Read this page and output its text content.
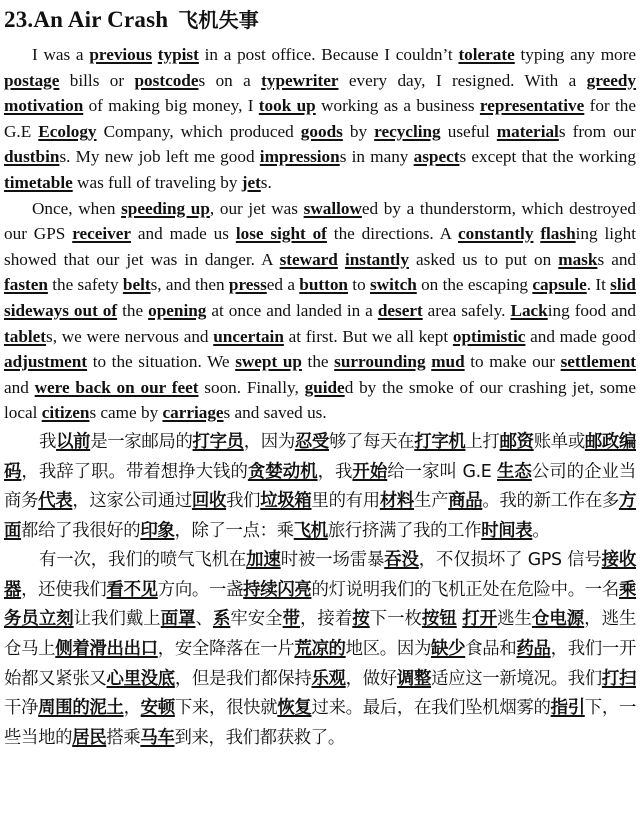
23.An Air Crash 飞机失事

I was a previous typist in a post office. Because I couldn’t tolerate typing any more postage bills or postcodes on a typewriter every day, I resigned. With a greedy motivation of making big money, I took up working as a business representative for the G.E Ecology Company, which produced goods by recycling useful materials from our dustbins. My new job left me good impressions in many aspects except that the working timetable was full of traveling by jets.

Once, when speeding up, our jet was swallowed by a thunderstorm, which destroyed our GPS receiver and made us lose sight of the directions. A constantly flashing light showed that our jet was in danger. A steward instantly asked us to put on masks and fasten the safety belts, and then pressed a button to switch on the escaping capsule. It slid sideways out of the opening at once and landed in a desert area safely. Lacking food and tablets, we were nervous and uncertain at first. But we all kept optimistic and made good adjustment to the situation. We swept up the surrounding mud to make our settlement and were back on our feet soon. Finally, guided by the smoke of our crashing jet, some local citizens came by carriages and saved us.

我以前是一家邮局的打字员，因为忍受够了每天在打字机上打邮资账单或邮政编码，我辞了职。带着想挣大钱的贪婪动机，我开始给一家叫 G.E 生态公司的企业当商务代表，这家公司通过回收我们垃圾箱里的有用材料生产商品。我的新工作在多方面都给了我很好的印象，除了一点：乘飞机旅行挤满了我的工作时间表。

有一次，我们的喷气飞机在加速时被一场雷暴吞没，不仅损坏了 GPS 信号接收器，还使我们看不见方向。一盏持续闪亮的灯说明我们的飞机正处在危险中。一名乘务员立刻让我们戴上面罩、系牢安全带，接着按下一枚按钮 打开逃生仓电源，逃生仓马上侧着滑出出口，安全降落在一片荒凉的地区。因为缺少食品和药品，我们一开始都又紧张又心里没底，但是我们都保持乐观，做好调整适应这一新境况。我们打扫干净周围的泥土，安顿下来，很快就恢复过来。最后，在我们坠机烟雾的指引下，一些当地的居民搭乘马车到来，我们都获救了。
